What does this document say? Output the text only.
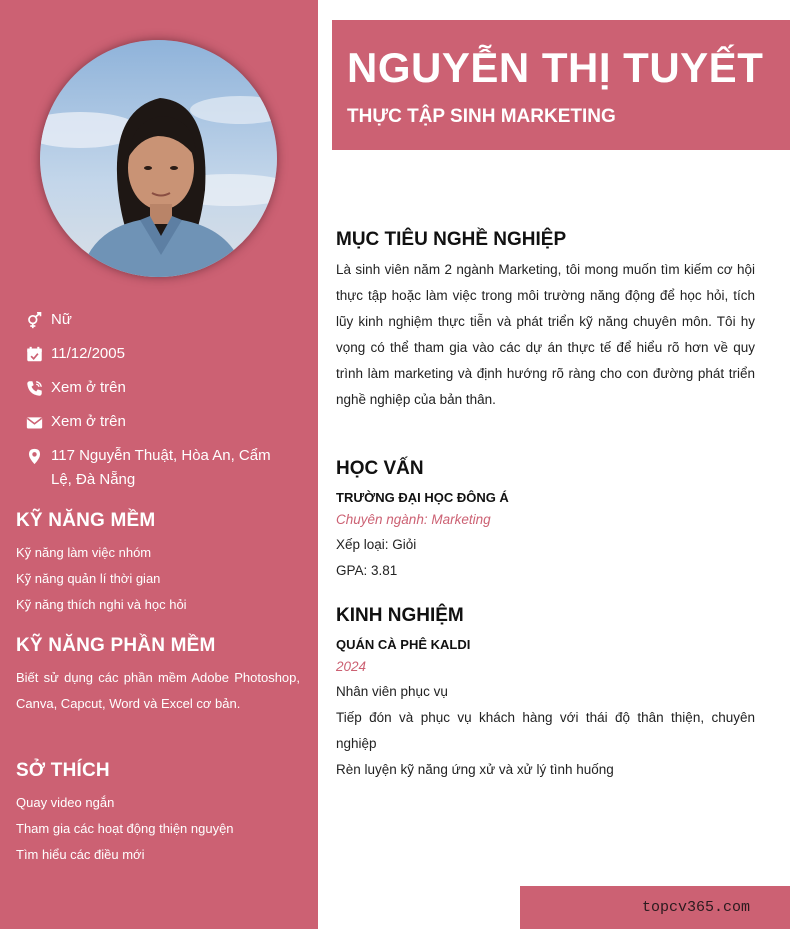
Nữ
11/12/2005
Xem ở trên
Xem ở trên
117 Nguyễn Thuật, Hòa An, Cẩm Lệ, Đà Nẵng
KỸ NĂNG MỀM
Kỹ năng làm việc nhóm
Kỹ năng quản lí thời gian
Kỹ năng thích nghi và học hỏi
KỸ NĂNG PHẦN MỀM
Biết sử dụng các phần mềm Adobe Photoshop, Canva, Capcut, Word và Excel cơ bản.
SỞ THÍCH
Quay video ngắn
Tham gia các hoạt động thiện nguyện
Tìm hiểu các điều mới
NGUYỄN THỊ TUYẾT
THỰC TẬP SINH MARKETING
MỤC TIÊU NGHỀ NGHIỆP
Là sinh viên năm 2 ngành Marketing, tôi mong muốn tìm kiếm cơ hội thực tập hoặc làm việc trong môi trường năng động để học hỏi, tích lũy kinh nghiệm thực tiễn và phát triển kỹ năng chuyên môn. Tôi hy vọng có thể tham gia vào các dự án thực tế để hiểu rõ hơn về quy trình làm marketing và định hướng rõ ràng cho con đường phát triển nghề nghiệp của bản thân.
HỌC VẤN
TRƯỜNG ĐẠI HỌC ĐÔNG Á
Chuyên ngành: Marketing
Xếp loại: Giỏi
GPA: 3.81
KINH NGHIỆM
QUÁN CÀ PHÊ KALDI
2024
Nhân viên phục vụ
Tiếp đón và phục vụ khách hàng với thái độ thân thiện, chuyên nghiệp
Rèn luyện kỹ năng ứng xử và xử lý tình huống
topcv365.com
